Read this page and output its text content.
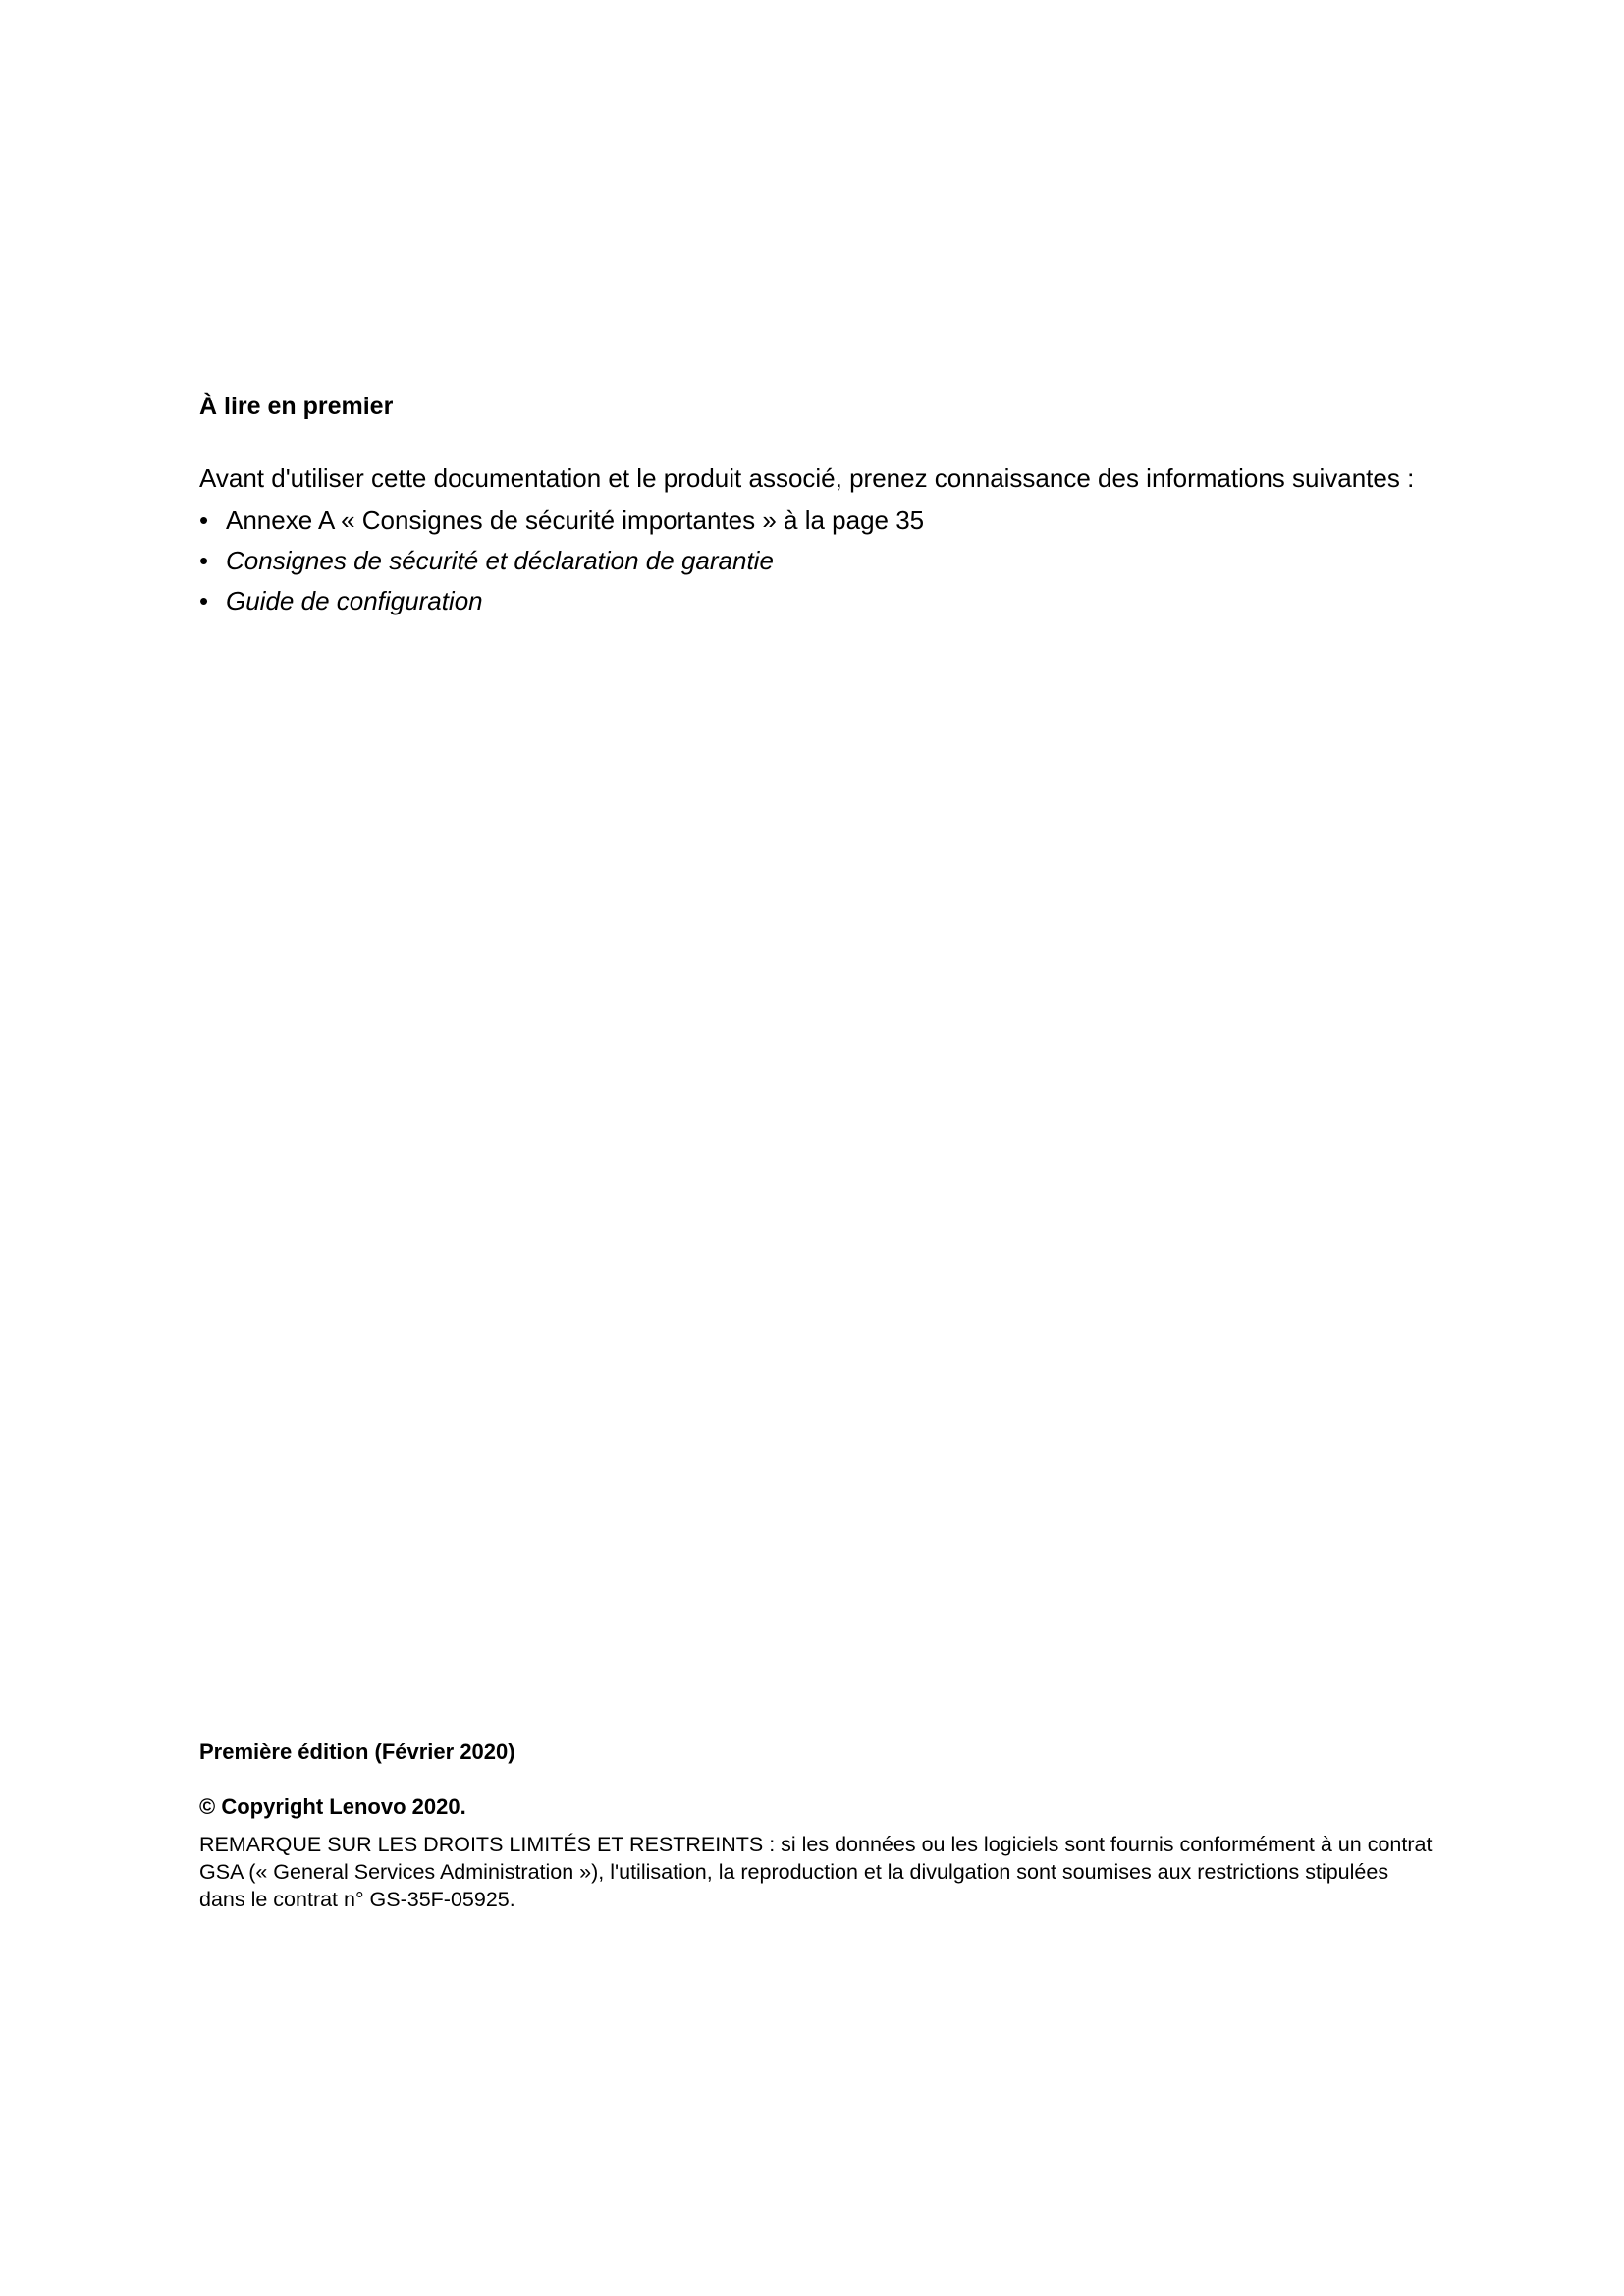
À lire en premier

Avant d'utiliser cette documentation et le produit associé, prenez connaissance des informations suivantes :

• Annexe A « Consignes de sécurité importantes » à la page 35
• Consignes de sécurité et déclaration de garantie
• Guide de configuration

Première édition (Février 2020)

© Copyright Lenovo 2020.

REMARQUE SUR LES DROITS LIMITÉS ET RESTREINTS : si les données ou les logiciels sont fournis conformément à un contrat GSA (« General Services Administration »), l'utilisation, la reproduction et la divulgation sont soumises aux restrictions stipulées dans le contrat n° GS-35F-05925.
